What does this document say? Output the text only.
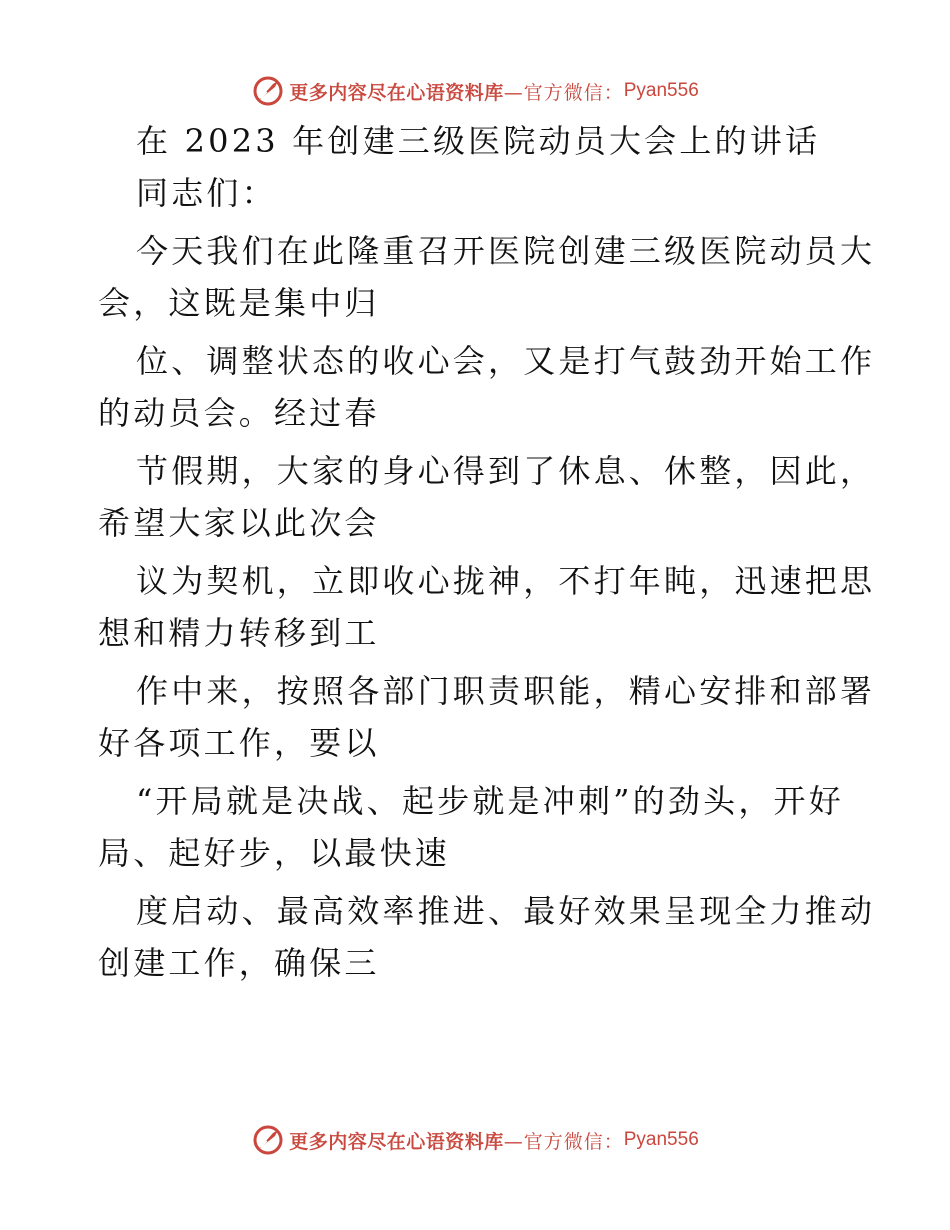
更多内容尽在心语资料库 —官方微信： Pyan556
在 2023 年创建三级医院动员大会上的讲话
同志们：
今天我们在此隆重召开医院创建三级医院动员大
会，这既是集中归
位、调整状态的收心会，又是打气鼓劲开始工作
的动员会。经过春
节假期，大家的身心得到了休息、休整，因此，
希望大家以此次会
议为契机，立即收心拢神，不打年盹，迅速把思
想和精力转移到工
作中来，按照各部门职责职能，精心安排和部署
好各项工作，要以
“开局就是决战、起步就是冲刺”的劲头，开好
局、起好步，以最快速
度启动、最高效率推进、最好效果呈现全力推动
创建工作，确保三
更多内容尽在心语资料库 —官方微信： Pyan556
